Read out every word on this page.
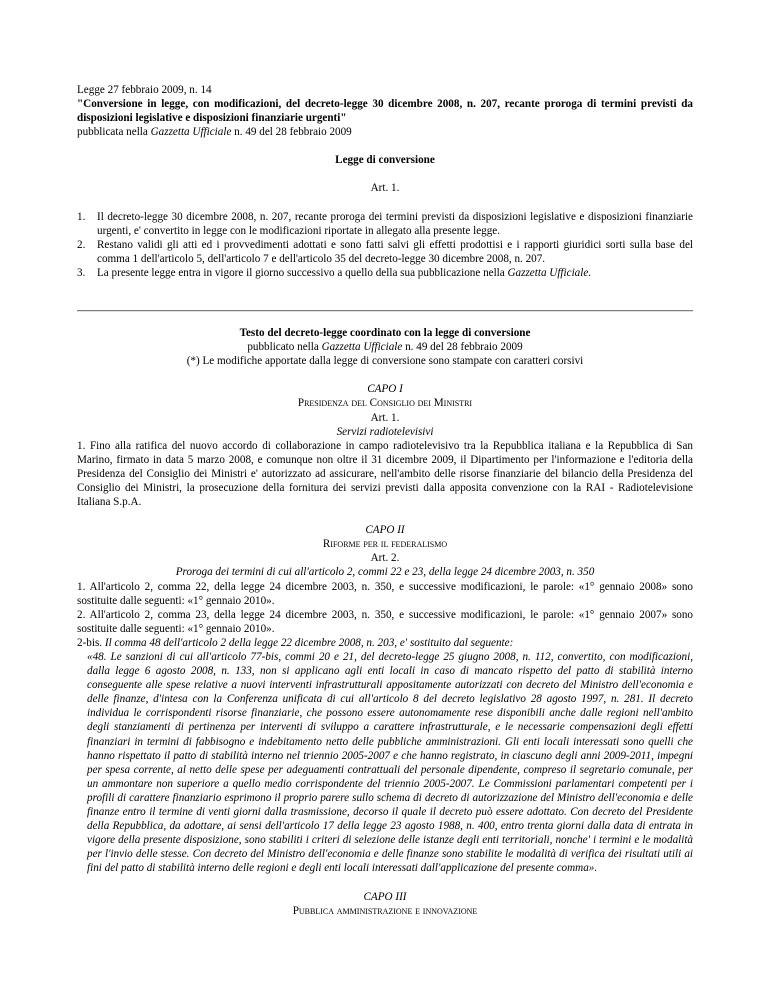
Legge 27 febbraio 2009, n. 14

"Conversione in legge, con modificazioni, del decreto-legge 30 dicembre 2008, n. 207, recante proroga di termini previsti da disposizioni legislative e disposizioni finanziarie urgenti"

pubblicata nella Gazzetta Ufficiale n. 49 del 28 febbraio 2009

Legge di conversione

Art. 1.

1. Il decreto-legge 30 dicembre 2008, n. 207, recante proroga dei termini previsti da disposizioni legislative e disposizioni finanziarie urgenti, e' convertito in legge con le modificazioni riportate in allegato alla presente legge.
2. Restano validi gli atti ed i provvedimenti adottati e sono fatti salvi gli effetti prodottisi e i rapporti giuridici sorti sulla base del comma 1 dell'articolo 5, dell'articolo 7 e dell'articolo 35 del decreto-legge 30 dicembre 2008, n. 207.
3. La presente legge entra in vigore il giorno successivo a quello della sua pubblicazione nella Gazzetta Ufficiale.

Testo del decreto-legge coordinato con la legge di conversione

pubblicato nella Gazzetta Ufficiale n. 49 del 28 febbraio 2009

(*) Le modifiche apportate dalla legge di conversione sono stampate con caratteri corsivi

CAPO I

Presidenza del Consiglio dei Ministri

Art. 1.

Servizi radiotelevisivi

1. Fino alla ratifica del nuovo accordo di collaborazione in campo radiotelevisivo tra la Repubblica italiana e la Repubblica di San Marino, firmato in data 5 marzo 2008, e comunque non oltre il 31 dicembre 2009, il Dipartimento per l'informazione e l'editoria della Presidenza del Consiglio dei Ministri e' autorizzato ad assicurare, nell'ambito delle risorse finanziarie del bilancio della Presidenza del Consiglio dei Ministri, la prosecuzione della fornitura dei servizi previsti dalla apposita convenzione con la RAI - Radiotelevisione Italiana S.p.A.

CAPO II

Riforme per il federalismo

Art. 2.

Proroga dei termini di cui all'articolo 2, commi 22 e 23, della legge 24 dicembre 2003, n. 350

1. All'articolo 2, comma 22, della legge 24 dicembre 2003, n. 350, e successive modificazioni, le parole: «1° gennaio 2008» sono sostituite dalle seguenti: «1° gennaio 2010».

2. All'articolo 2, comma 23, della legge 24 dicembre 2003, n. 350, e successive modificazioni, le parole: «1° gennaio 2007» sono sostituite dalle seguenti: «1° gennaio 2010».

2-bis. Il comma 48 dell'articolo 2 della legge 22 dicembre 2008, n. 203, e' sostituito dal seguente:

«48. Le sanzioni di cui all'articolo 77-bis, commi 20 e 21, del decreto-legge 25 giugno 2008, n. 112, convertito, con modificazioni, dalla legge 6 agosto 2008, n. 133, non si applicano agli enti locali in caso di mancato rispetto del patto di stabilità interno conseguente alle spese relative a nuovi interventi infrastrutturali appositamente autorizzati con decreto del Ministro dell'economia e delle finanze, d'intesa con la Conferenza unificata di cui all'articolo 8 del decreto legislativo 28 agosto 1997, n. 281. Il decreto individua le corrispondenti risorse finanziarie, che possono essere autonomamente rese disponibili anche dalle regioni nell'ambito degli stanziamenti di pertinenza per interventi di sviluppo a carattere infrastrutturale, e le necessarie compensazioni degli effetti finanziari in termini di fabbisogno e indebitamento netto delle pubbliche amministrazioni. Gli enti locali interessati sono quelli che hanno rispettato il patto di stabilità interno nel triennio 2005-2007 e che hanno registrato, in ciascuno degli anni 2009-2011, impegni per spesa corrente, al netto delle spese per adeguamenti contrattuali del personale dipendente, compreso il segretario comunale, per un ammontare non superiore a quello medio corrispondente del triennio 2005-2007. Le Commissioni parlamentari competenti per i profili di carattere finanziario esprimono il proprio parere sullo schema di decreto di autorizzazione del Ministro dell'economia e delle finanze entro il termine di venti giorni dalla trasmissione, decorso il quale il decreto può essere adottato. Con decreto del Presidente della Repubblica, da adottare, ai sensi dell'articolo 17 della legge 23 agosto 1988, n. 400, entro trenta giorni dalla data di entrata in vigore della presente disposizione, sono stabiliti i criteri di selezione delle istanze degli enti territoriali, nonche' i termini e le modalità per l'invio delle stesse. Con decreto del Ministro dell'economia e delle finanze sono stabilite le modalità di verifica dei risultati utili ai fini del patto di stabilità interno delle regioni e degli enti locali interessati dall'applicazione del presente comma».

CAPO III

Pubblica amministrazione e innovazione
